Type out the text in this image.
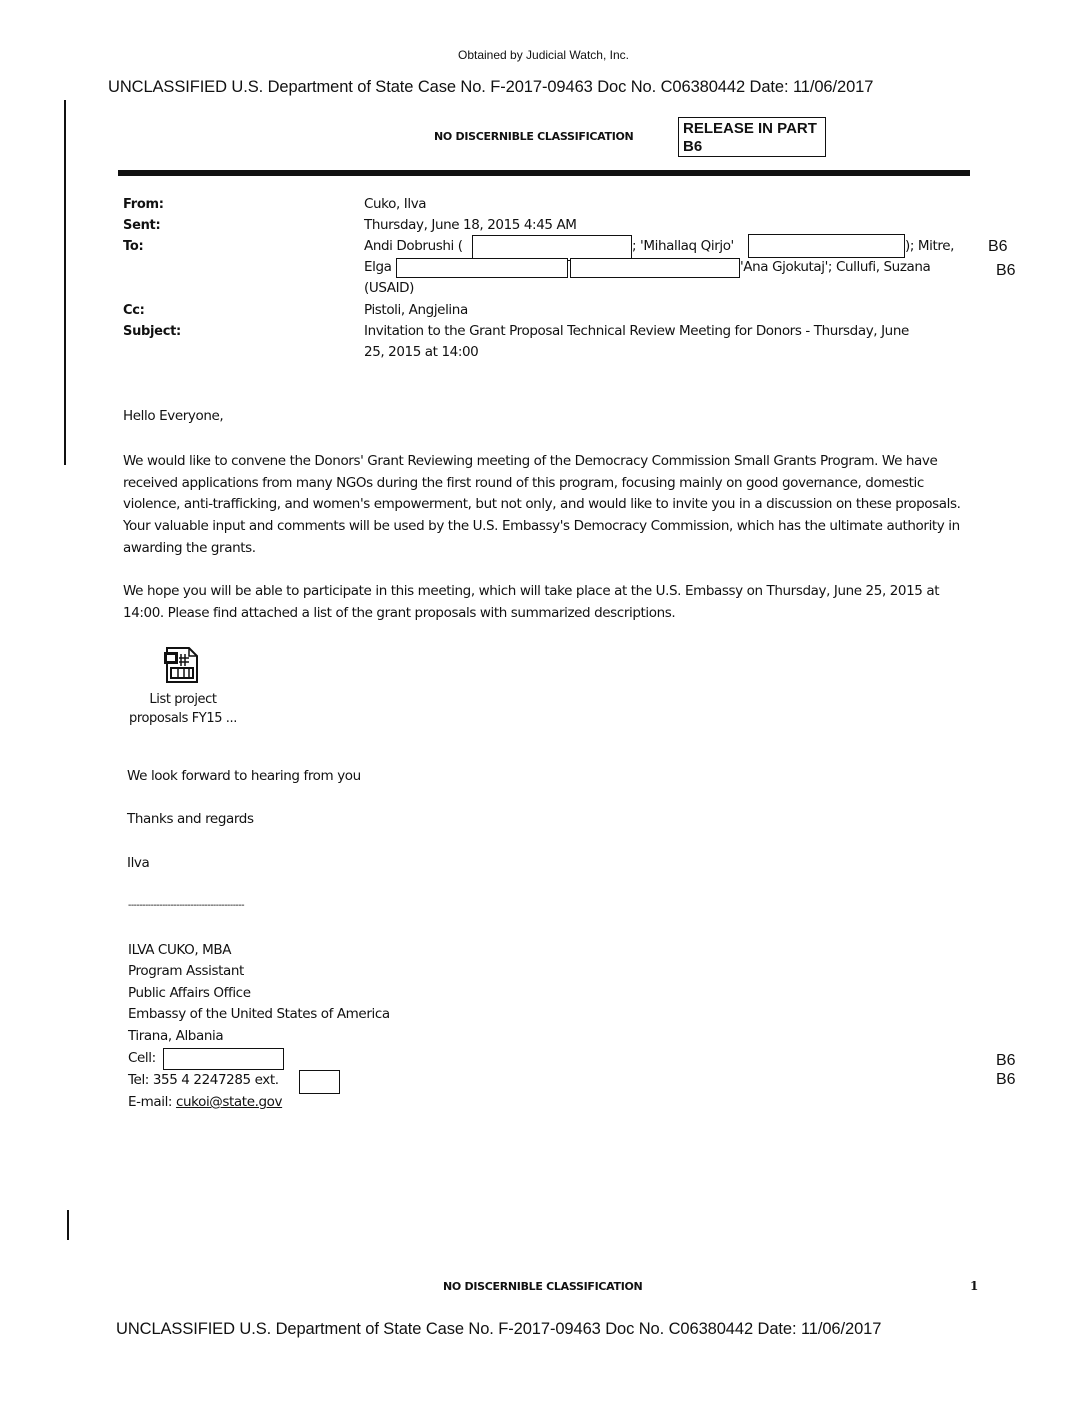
Obtained by Judicial Watch, Inc.
UNCLASSIFIED U.S. Department of State Case No. F-2017-09463 Doc No. C06380442 Date: 11/06/2017
NO DISCERNIBLE CLASSIFICATION	RELEASE IN PART
B6
From:	Cuko, Ilva
Sent:	Thursday, June 18, 2015 4:45 AM
To:	Andi Dobrushi (	; 'Mihallaq Qirjo'	); Mitre, B6
Elga	'Ana Gjokutaj'; Cullufi, Suzana	B6
(USAID)
Cc:	Pistoli, Angjelina
Subject:	Invitation to the Grant Proposal Technical Review Meeting for Donors - Thursday, June
25, 2015 at 14:00
Hello Everyone,

We would like to convene the Donors' Grant Reviewing meeting of the Democracy Commission Small Grants Program. We have received applications from many NGOs during the first round of this program, focusing mainly on good governance, domestic violence, anti-trafficking, and women's empowerment, but not only, and would like to invite you in a discussion on these proposals. Your valuable input and comments will be used by the U.S. Embassy's Democracy Commission, which has the ultimate authority in awarding the grants.

We hope you will be able to participate in this meeting, which will take place at the U.S. Embassy on Thursday, June 25, 2015 at 14:00. Please find attached a list of the grant proposals with summarized descriptions.

List project
proposals FY15 ...
We look forward to hearing from you
Thanks and regards
Ilva
-----------------------------------------
ILVA CUKO, MBA
Program Assistant
Public Affairs Office
Embassy of the United States of America
Tirana, Albania
Cell:	B6
Tel: 355 4 2247285 ext.	B6
E-mail: cukoi@state.gov
NO DISCERNIBLE CLASSIFICATION	1
UNCLASSIFIED U.S. Department of State Case No. F-2017-09463 Doc No. C06380442 Date: 11/06/2017
